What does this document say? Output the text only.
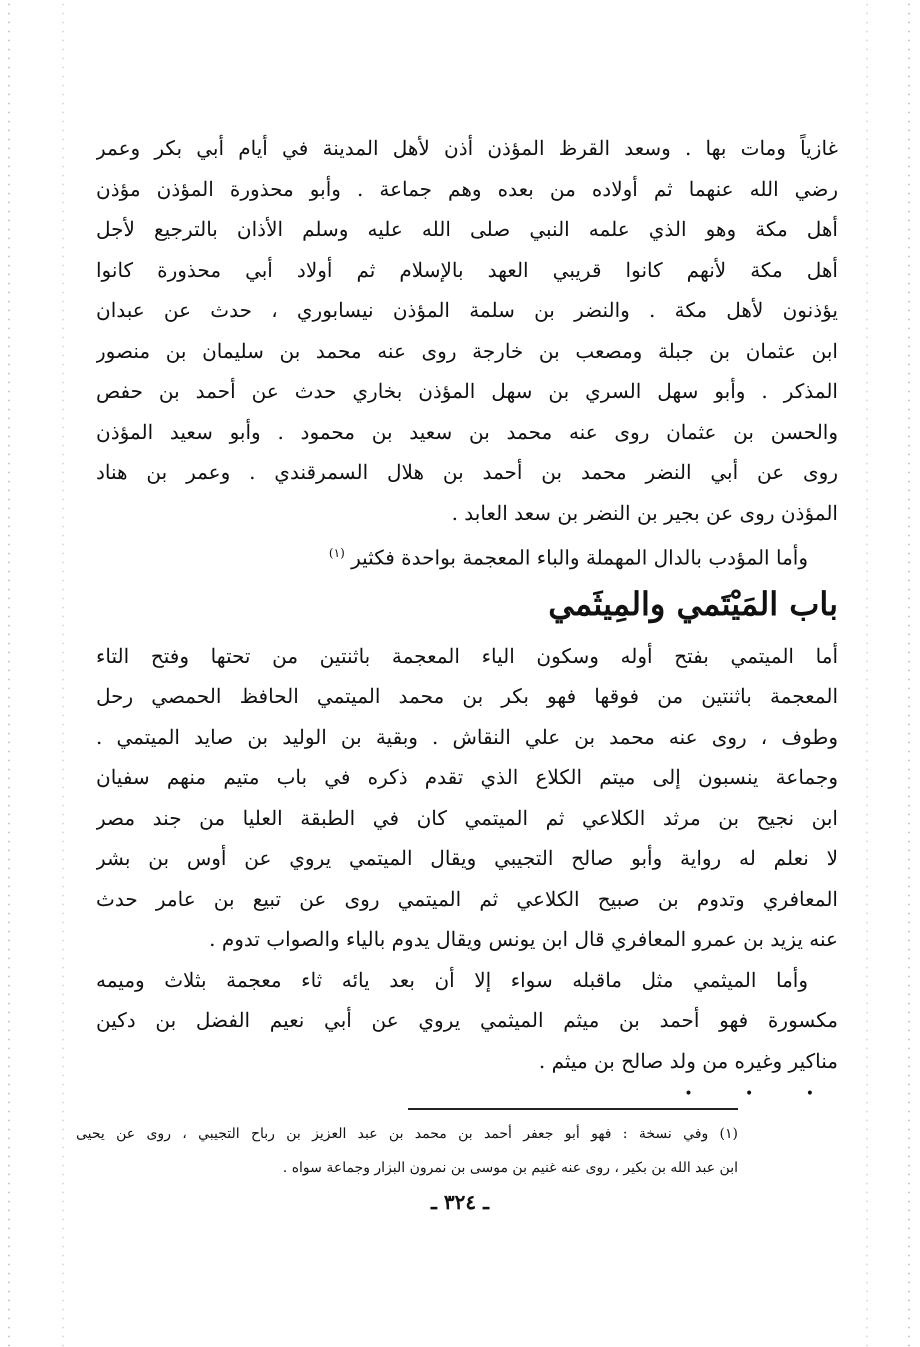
غازياً ومات بها . وسعد القرظ المؤذن أذن لأهل المدينة في أيام أبي بكر وعمر
رضي الله عنهما ثم أولاده من بعده وهم جماعة . وأبو محذورة المؤذن مؤذن
أهل مكة وهو الذي علمه النبي صلى الله عليه وسلم الأذان بالترجيع لأجل
أهل مكة لأنهم كانوا قريبي العهد بالإسلام ثم أولاد أبي محذورة كانوا
يؤذنون لأهل مكة . والنضر بن سلمة المؤذن نيسابوري ، حدث عن عبدان
ابن عثمان بن جبلة ومصعب بن خارجة روى عنه محمد بن سليمان بن منصور
المذكر . وأبو سهل السري بن سهل المؤذن بخاري حدث عن أحمد بن حفص
والحسن بن عثمان روى عنه محمد بن سعيد بن محمود . وأبو سعيد المؤذن
روى عن أبي النضر محمد بن أحمد بن هلال السمرقندي . وعمر بن هناد
المؤذن روى عن بجير بن النضر بن سعد العابد .
وأما المؤدب بالدال المهملة والباء المعجمة بواحدة فكثير $^{(١)}$
باب المَيْتَمي والمِيثَمي
أما الميتمي بفتح أوله وسكون الياء المعجمة باثنتين من تحتها وفتح التاء
المعجمة باثنتين من فوقها فهو بكر بن محمد الميتمي الحافظ الحمصي رحل
وطوف ، روى عنه محمد بن علي النقاش . وبقية بن الوليد بن صايد الميتمي .
وجماعة ينسبون إلى ميتم الكلاع الذي تقدم ذكره في باب متيم منهم سفيان
ابن نجيح بن مرثد الكلاعي ثم الميتمي كان في الطبقة العليا من جند مصر
لا نعلم له رواية وأبو صالح التجيبي ويقال الميتمي يروي عن أوس بن بشر
المعافري وتدوم بن صبيح الكلاعي ثم الميتمي روى عن تبيع بن عامر حدث
عنه يزيد بن عمرو المعافري قال ابن يونس ويقال يدوم بالياء والصواب تدوم .
وأما الميثمي مثل ماقبله سواء إلا أن بعد يائه ثاء معجمة بثلاث وميمه
مكسورة فهو أحمد بن ميثم الميثمي يروي عن أبي نعيم الفضل بن دكين
مناكير وغيره من ولد صالح بن ميثم .
• • •
(١) وفي نسخة : فهو أبو جعفر أحمد بن محمد بن عبد العزيز بن رباح التجيبي ، روى عن يحيى
ابن عبد الله بن بكير ، روى عنه غنيم بن موسى بن نمرون البزار وجماعة سواه .
ـ ٣٢٤ ـ
